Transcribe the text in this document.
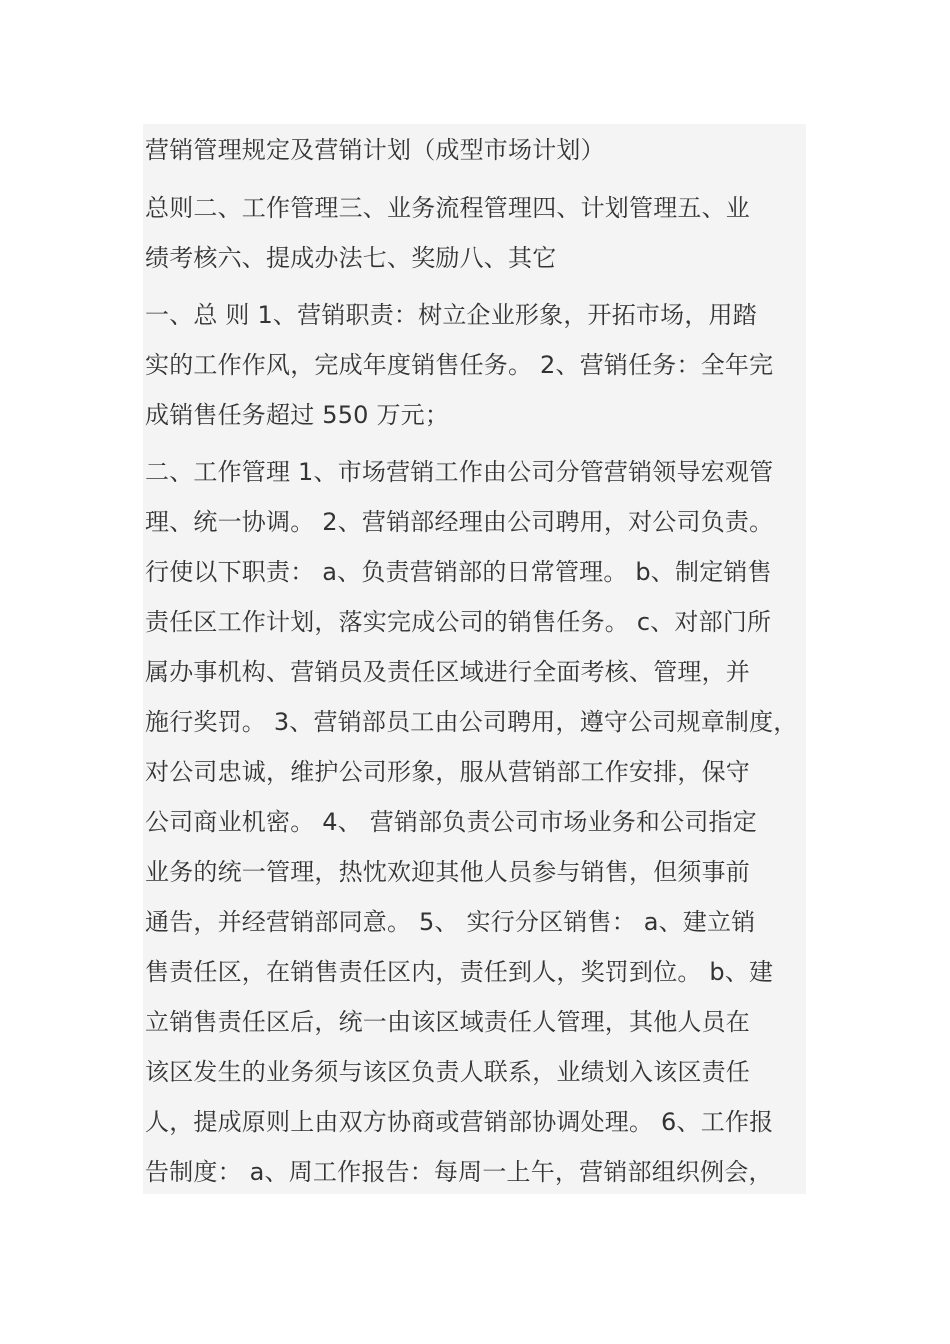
营销管理规定及营销计划（成型市场计划）
总则二、工作管理三、业务流程管理四、计划管理五、业
绩考核六、提成办法七、奖励八、其它
一、总 则 1、营销职责：树立企业形象，开拓市场，用踏
实的工作作风，完成年度销售任务。 2、营销任务：全年完
成销售任务超过 550 万元；
二、工作管理 1、市场营销工作由公司分管营销领导宏观管
理、统一协调。 2、营销部经理由公司聘用，对公司负责。
行使以下职责： a、负责营销部的日常管理。 b、制定销售
责任区工作计划，落实完成公司的销售任务。 c、对部门所
属办事机构、营销员及责任区域进行全面考核、管理，并
施行奖罚。 3、营销部员工由公司聘用，遵守公司规章制度，
对公司忠诚，维护公司形象，服从营销部工作安排，保守
公司商业机密。 4、 营销部负责公司市场业务和公司指定
业务的统一管理，热忱欢迎其他人员参与销售，但须事前
通告，并经营销部同意。 5、 实行分区销售： a、建立销
售责任区，在销售责任区内，责任到人，奖罚到位。 b、建
立销售责任区后，统一由该区域责任人管理，其他人员在
该区发生的业务须与该区负责人联系，业绩划入该区责任
人，提成原则上由双方协商或营销部协调处理。 6、工作报
告制度： a、周工作报告：每周一上午，营销部组织例会，
